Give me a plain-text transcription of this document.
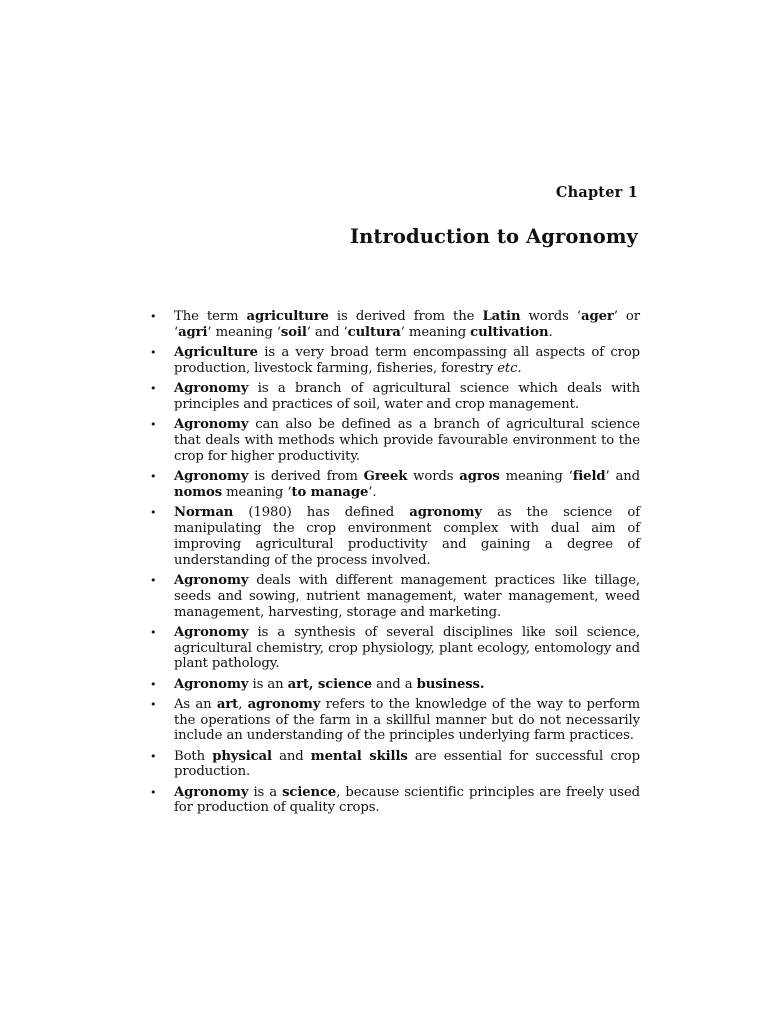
Chapter 1
Introduction to Agronomy
• The term agriculture is derived from the Latin words ‘ager’ or ‘agri’ meaning ‘soil’ and ‘cultura’ meaning cultivation.
• Agriculture is a very broad term encompassing all aspects of crop production, livestock farming, fisheries, forestry etc.
• Agronomy is a branch of agricultural science which deals with principles and practices of soil, water and crop management.
• Agronomy can also be defined as a branch of agricultural science that deals with methods which provide favourable environment to the crop for higher productivity.
• Agronomy is derived from Greek words agros meaning ‘field’ and nomos meaning ‘to manage’.
• Norman (1980) has defined agronomy as the science of manipulating the crop environment complex with dual aim of improving agricultural productivity and gaining a degree of understanding of the process involved.
• Agronomy deals with different management practices like tillage, seeds and sowing, nutrient management, water management, weed management, harvesting, storage and marketing.
• Agronomy is a synthesis of several disciplines like soil science, agricultural chemistry, crop physiology, plant ecology, entomology and plant pathology.
• Agronomy is an art, science and a business.
• As an art, agronomy refers to the knowledge of the way to perform the operations of the farm in a skillful manner but do not necessarily include an understanding of the principles underlying farm practices.
• Both physical and mental skills are essential for successful crop production.
• Agronomy is a science, because scientific principles are freely used for production of quality crops.
